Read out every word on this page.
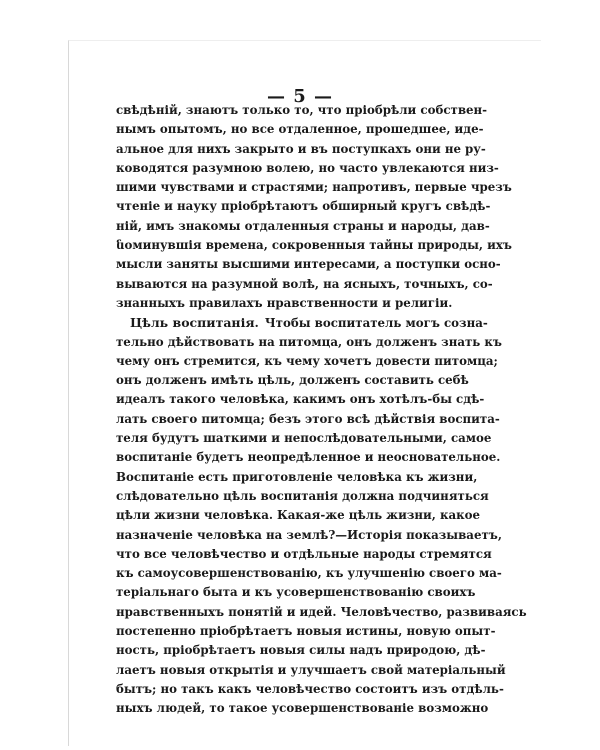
— 5 —
свѣдѣній, знаютъ только то, что пріобрѣли собствен-
нымъ опытомъ, но все отдаленное, прошедшее, иде-
альное для нихъ закрыто и въ поступкахъ они не ру-
ководятся разумною волею, но часто увлекаются низ-
шими чувствами и страстями; напротивъ, первые чрезъ
чтеніе и науку пріобрѣтаютъ обширный кругъ свѣдѣ-
ній, имъ знакомы отдаленныя страны и народы, дав-
նоминувшія времена, сокровенныя тайны природы, ихъ
мысли заняты высшими интересами, а поступки осно-
вываются на разумной волѣ, на ясныхъ, точныхъ, со-
знанныхъ правилахъ нравственности и религіи.
Цѣль воспитанія. Чтобы воспитатель могъ созна-
тельно дѣйствовать на питомца, онъ долженъ знать къ
чему онъ стремится, къ чему хочетъ довести питомца;
онъ долженъ имѣть цѣль, долженъ составить себѣ
идеалъ такого человѣка, какимъ онъ хотѣлъ-бы сдѣ-
лать своего питомца; безъ этого всѣ дѣйствія воспита-
теля будутъ шаткими и непослѣдовательными, самое
воспитаніе будетъ неопредѣленное и неосновательное.
Воспитаніе есть приготовленіе человѣка къ жизни,
слѣдовательно цѣль воспитанія должна подчиняться
цѣли жизни человѣка. Какая-же цѣль жизни, какое
назначеніе человѣка на землѣ?—Исторія показываетъ,
что все человѣчество и отдѣльные народы стремятся
къ самоусовершенствованію, къ улучшенію своего ма-
теріальнаго быта и къ усовершенствованію своихъ
нравственныхъ понятій и идей. Человѣчество, развиваясь
постепенно пріобрѣтаетъ новыя истины, новую опыт-
ность, пріобрѣтаетъ новыя силы надъ природою, дѣ-
лаетъ новыя открытія и улучшаетъ свой матеріальный
бытъ; но такъ какъ человѣчество состоитъ изъ отдѣль-
ныхъ людей, то такое усовершенствованіе возможно
